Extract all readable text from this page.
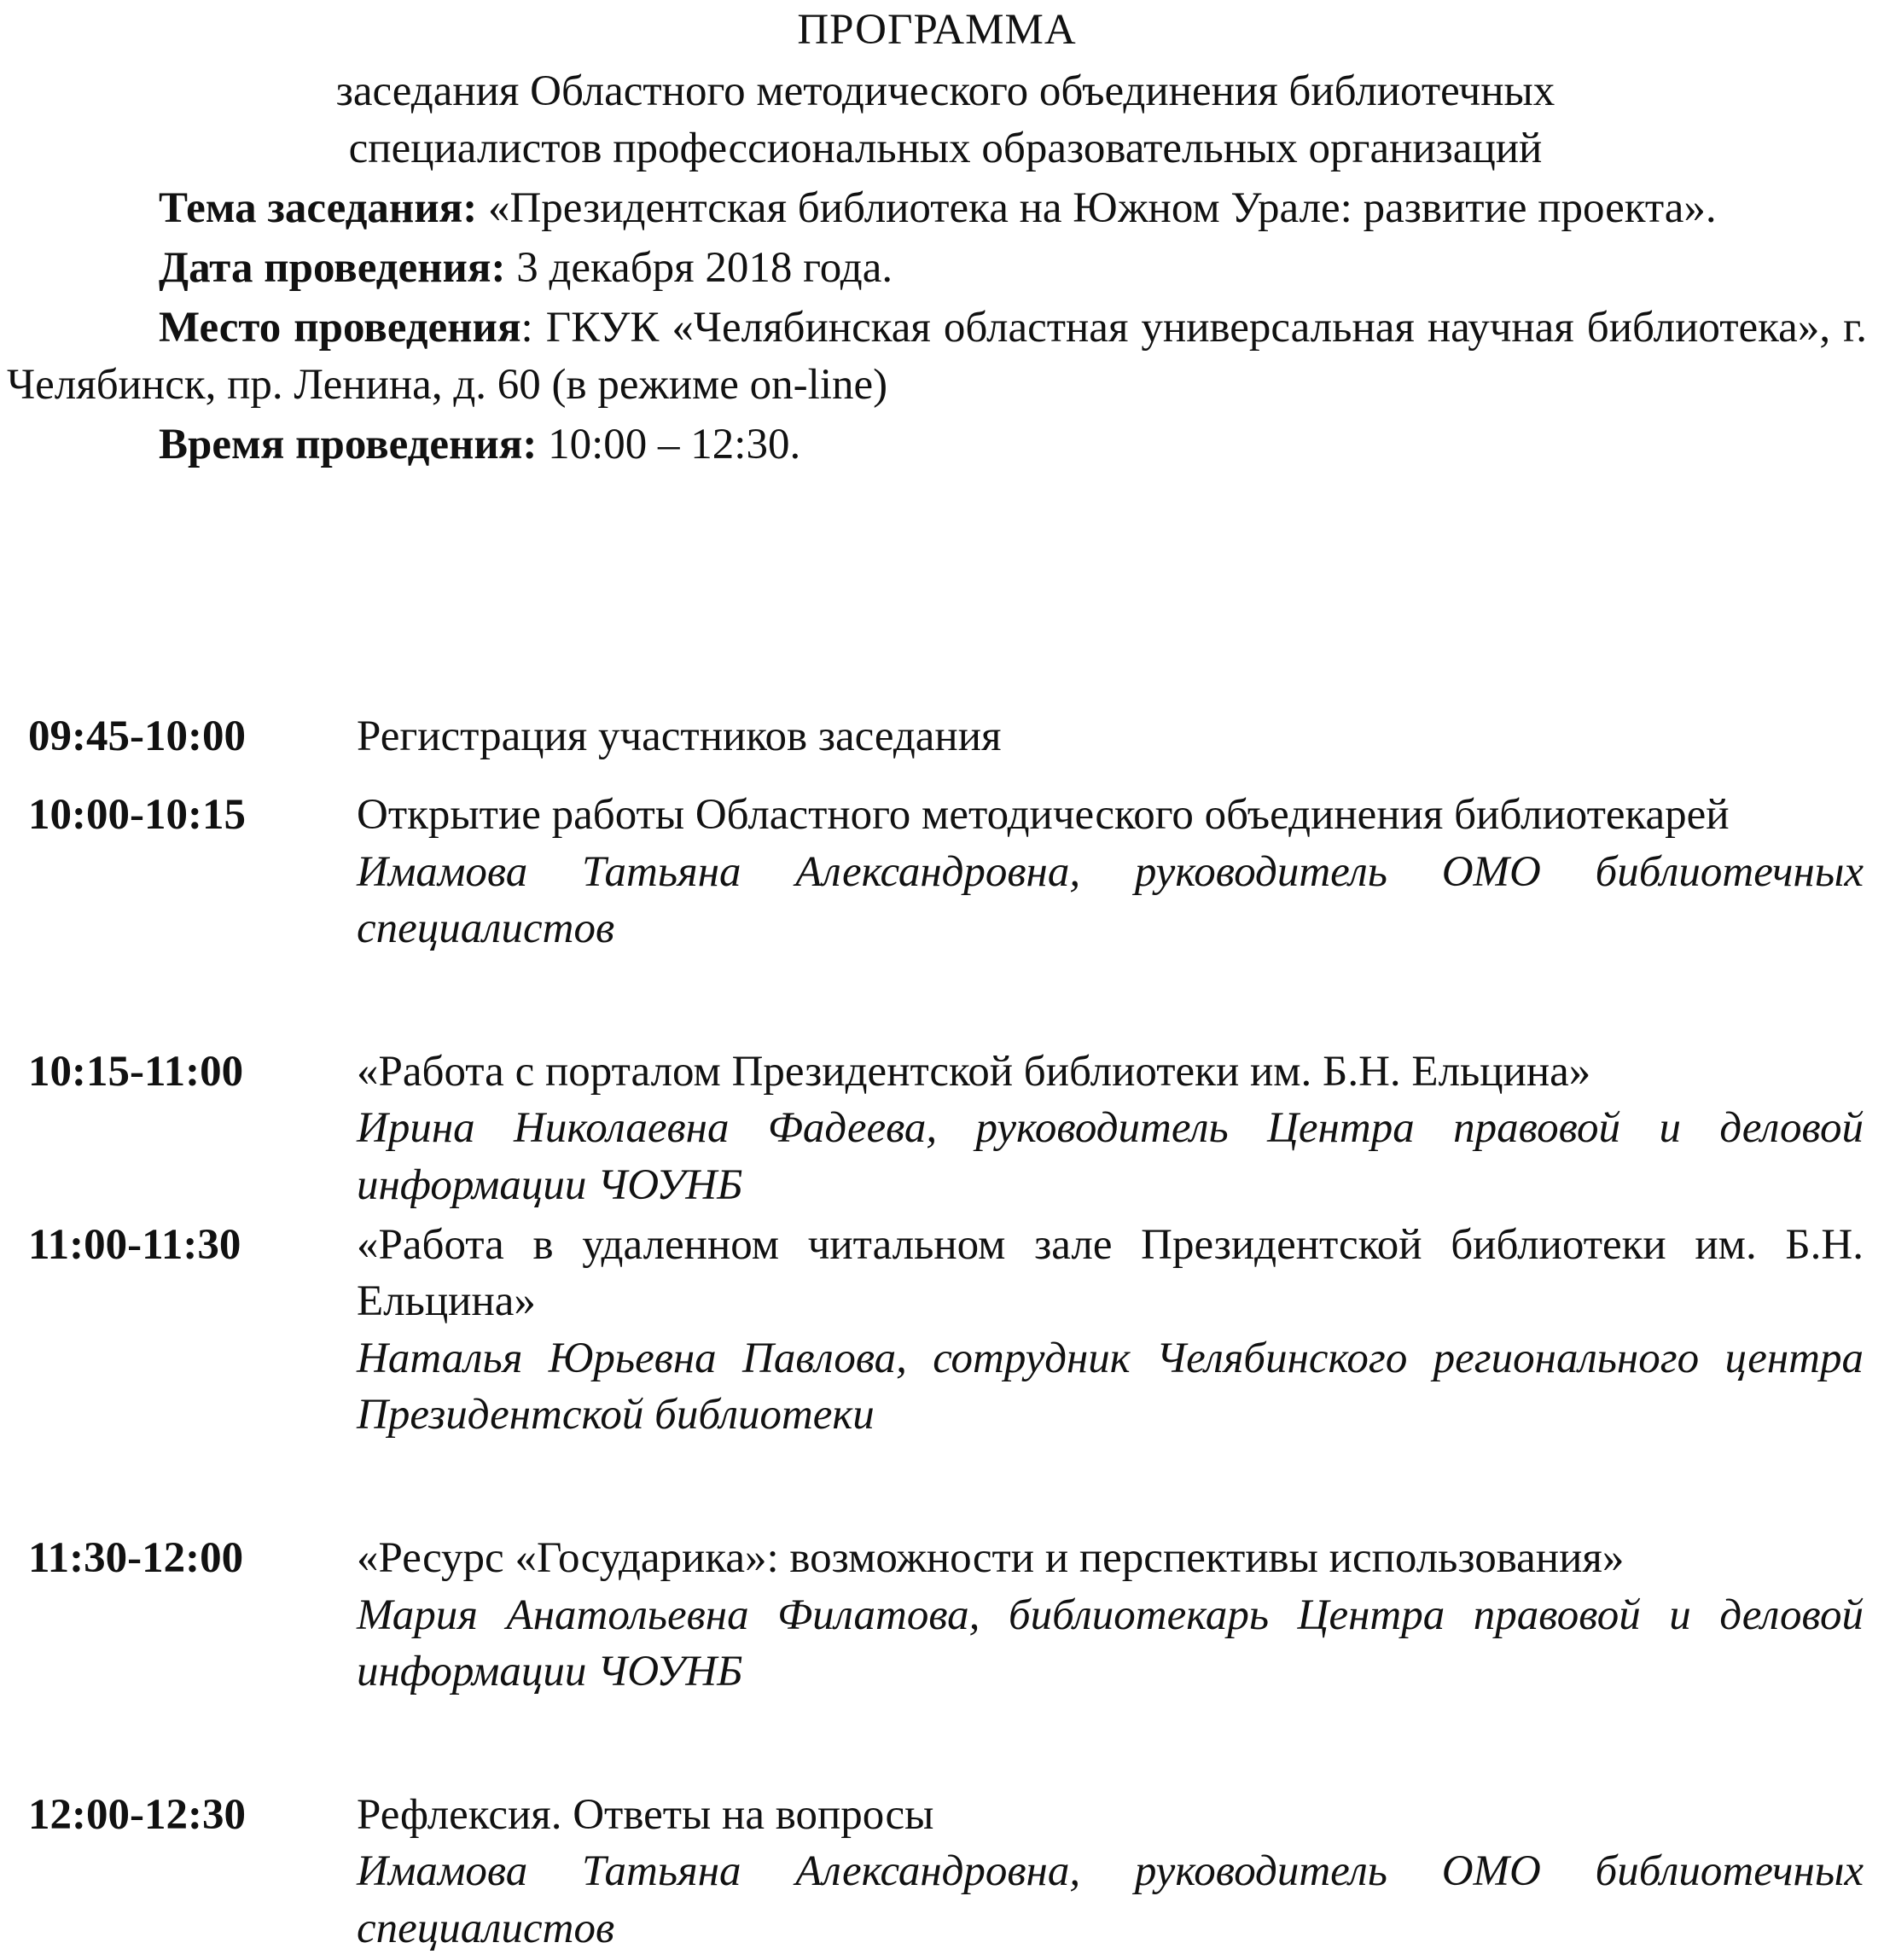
ПРОГРАММА
заседания Областного методического объединения библиотечных
специалистов профессиональных образовательных организаций

Тема заседания: «Президентская библиотека на Южном Урале: развитие проекта».

Дата проведения: 3 декабря 2018 года.

Место проведения: ГКУК «Челябинская областная универсальная научная библиотека», г. Челябинск, пр. Ленина, д. 60 (в режиме on-line)

Время проведения: 10:00 – 12:30.

09:45-10:00	Регистрация участников заседания
10:00-10:15	Открытие работы Областного методического объединения библиотекарей
Имамова Татьяна Александровна, руководитель ОМО библиотечных специалистов
10:15-11:00	«Работа с порталом Президентской библиотеки им. Б.Н. Ельцина»
Ирина Николаевна Фадеева, руководитель Центра правовой и деловой информации ЧОУНБ
11:00-11:30	«Работа в удаленном читальном зале Президентской библиотеки им. Б.Н. Ельцина»
Наталья Юрьевна Павлова, сотрудник Челябинского регионального центра Президентской библиотеки
11:30-12:00	«Ресурс «Государика»: возможности и перспективы использования»
Мария Анатольевна Филатова, библиотекарь Центра правовой и деловой информации ЧОУНБ
12:00-12:30	Рефлексия. Ответы на вопросы
Имамова Татьяна Александровна, руководитель ОМО библиотечных специалистов
